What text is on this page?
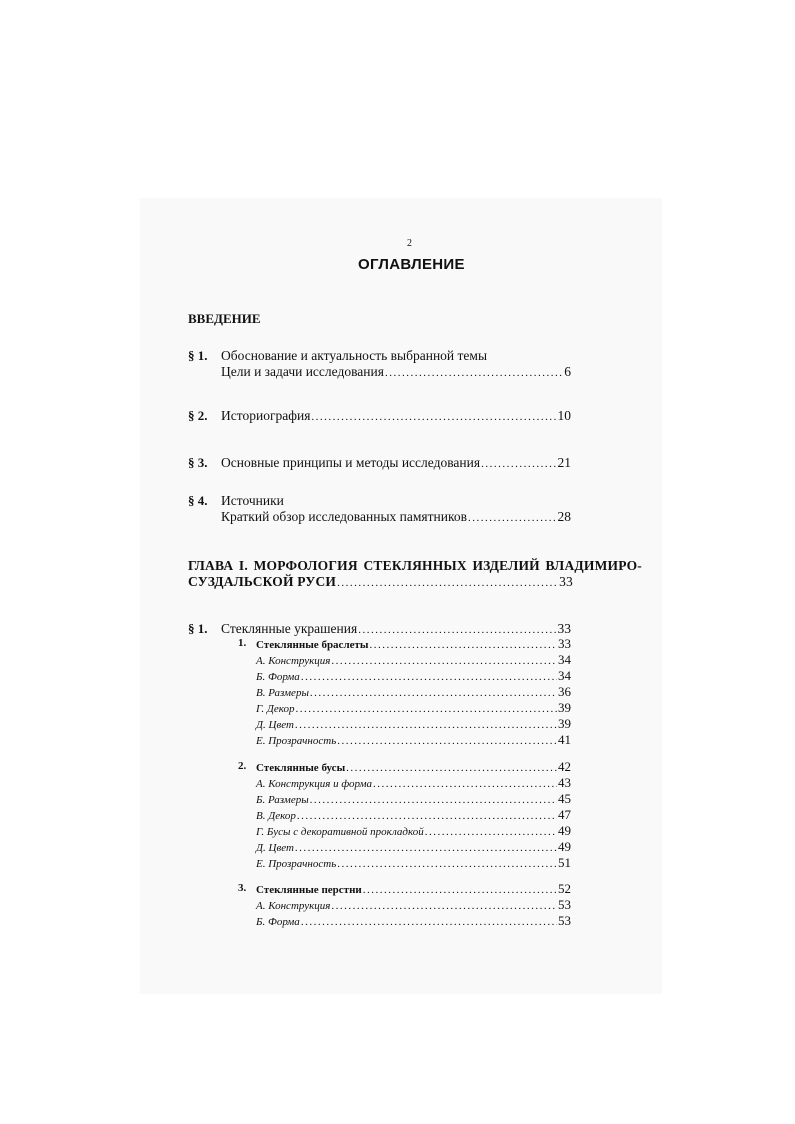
2
ОГЛАВЛЕНИЕ
ВВЕДЕНИЕ
§ 1. Обоснование и актуальность выбранной темы
Цели и задачи исследования .....	6
§ 2. Историография .....	10
§ 3. Основные принципы и методы исследования .....	21
§ 4. Источники
Краткий обзор исследованных памятников .....	28
ГЛАВА I. МОРФОЛОГИЯ СТЕКЛЯННЫХ ИЗДЕЛИЙ ВЛАДИМИРО-
СУЗДАЛЬСКОЙ РУСИ .....	33
§ 1. Стеклянные украшения .....	33
1. Стеклянные браслеты .....	33
А. Конструкция .....	34
Б. Форма .....	34
В. Размеры .....	36
Г. Декор .....	39
Д. Цвет .....	39
Е. Прозрачность .....	41
2. Стеклянные бусы .....	42
А. Конструкция и форма .....	43
Б. Размеры .....	45
В. Декор .....	47
Г. Бусы с декоративной прокладкой .....	49
Д. Цвет .....	49
Е. Прозрачность .....	51
3. Стеклянные перстни .....	52
А. Конструкция .....	53
Б. Форма .....	53
